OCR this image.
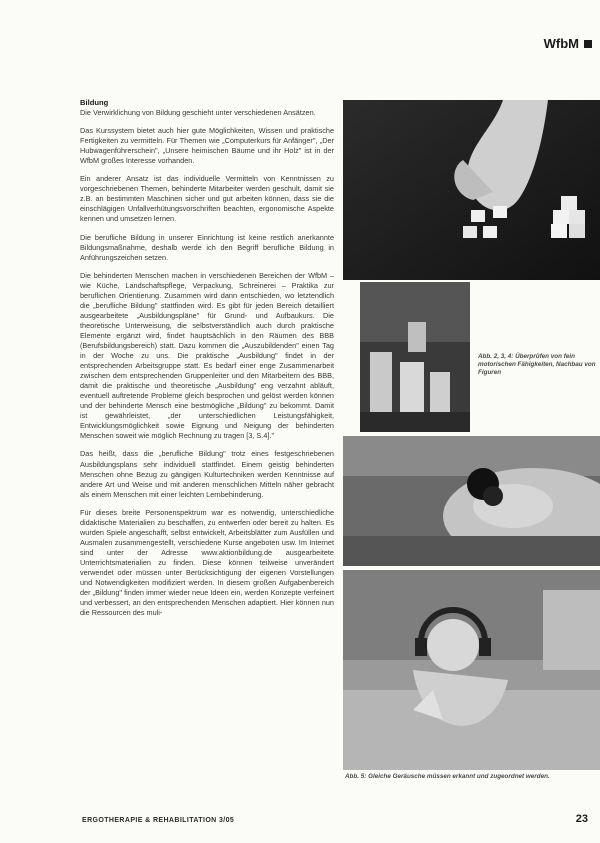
WfbM
Bildung

Die Verwirklichung von Bildung geschieht unter verschiedenen Ansätzen.

Das Kurssystem bietet auch hier gute Möglichkeiten, Wissen und praktische Fertigkeiten zu vermitteln. Für Themen wie „Computerkurs für Anfänger", „Der Hubwagenführerschein", „Unsere heimischen Bäume und ihr Holz" ist in der WfbM großes Interesse vorhanden.

Ein anderer Ansatz ist das individuelle Vermitteln von Kenntnissen zu vorgeschriebenen Themen, behinderte Mitarbeiter werden geschult, damit sie z.B. an bestimmten Maschinen sicher und gut arbeiten können, dass sie die einschlägigen Unfallverhütungsvorschriften beachten, ergonomische Aspekte kennen und umsetzen lernen.

Die berufliche Bildung in unserer Einrichtung ist keine restlich anerkannte Bildungsmaßnahme, deshalb werde ich den Begriff berufliche Bildung in Anführungszeichen setzen.

Die behinderten Menschen machen in verschiedenen Bereichen der WfbM – wie Küche, Landschaftspflege, Verpackung, Schreinerei – Praktika zur beruflichen Orientierung. Zusammen wird dann entschieden, wo letztendlich die „berufliche Bildung" stattfinden wird. Es gibt für jeden Bereich detailliert ausgearbeitete „Ausbildungspläne" für Grund- und Aufbaukurs. Die theoretische Unterweisung, die selbstverständlich auch durch praktische Elemente ergänzt wird, findet hauptsächlich in den Räumen des BBB (Berufsbildungsbereich) statt. Dazu kommen die „Auszubildenden" einen Tag in der Woche zu uns. Die praktische „Ausbildung" findet in der entsprechenden Arbeitsgruppe statt. Es bedarf einer enge Zusammenarbeit zwischen dem entsprechenden Gruppenleiter und den Mitarbeitern des BBB, damit die praktische und theoretische „Ausbildung" eng verzahnt abläuft, eventuell auftretende Probleme gleich besprochen und gelöst werden können und der behinderte Mensch eine bestmögliche „Bildung" zu bekommt. Damit ist gewährleistet, „der unterschiedlichen Leistungsfähigkeit, Entwicklungsmöglichkeit sowie Eignung und Neigung der behinderten Menschen soweit wie möglich Rechnung zu tragen [3, S.4]."

Das heißt, dass die „berufliche Bildung" trotz eines festgeschriebenen Ausbildungsplans sehr individuell stattfindet. Einem geistig behinderten Menschen ohne Bezug zu gängigen Kulturtechniken werden Kenntnisse auf andere Art und Weise und mit anderen menschlichen Mitteln näher gebracht als einem Menschen mit einer leichten Lernbehinderung.

Für dieses breite Personenspektrum war es notwendig, unterschiedliche didaktische Materialien zu beschaffen, zu entwerfen oder bereit zu halten. Es wurden Spiele angeschafft, selbst entwickelt, Arbeitsblätter zum Ausfüllen und Ausmalen zusammengestellt, verschiedene Kurse angeboten usw. Im Internet sind unter der Adresse www.aktionbildung.de ausgearbeitete Unterrichtsmaterialien zu finden. Diese können teilweise unverändert verwendet oder müssen unter Berücksichtigung der eigenen Vorstellungen und Notwendigkeiten modifiziert werden. In diesem großen Aufgabenbereich der „Bildung" finden immer wieder neue Ideen ein, werden Konzepte verfeinert und verbessert, an den entsprechenden Menschen adaptiert. Hier können nun die Ressourcen des muli-

Abb. 2, 3, 4: Überprüfen von fein motorischen Fähigkeiten, Nachbau von Figuren
Abb. 5: Gleiche Geräusche müssen erkannt und zugeordnet werden.
ERGOTHERAPIE & REHABILITATION 3/05	23
